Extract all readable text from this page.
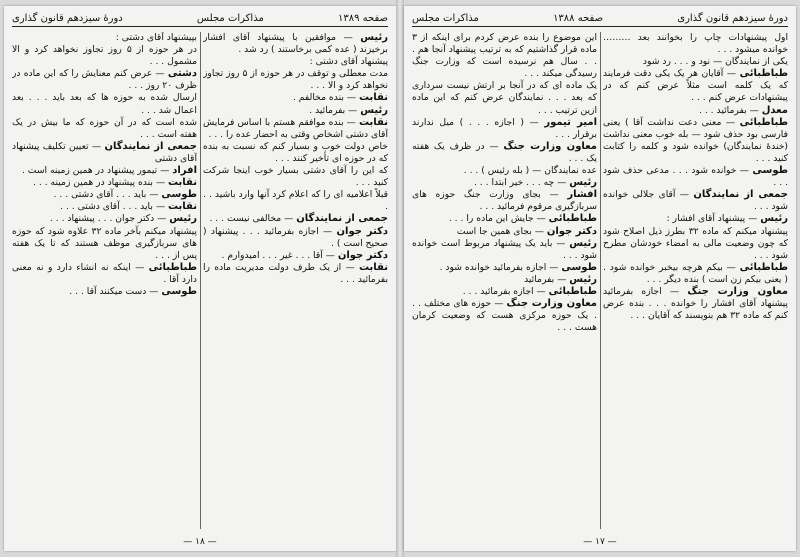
صفحه ۱۳۸۹
مذاکرات مجلس
دورهٔ سیزدهم قانون گذاری

رئیس — موافقین با پیشنهاد آقای افشار برخیزند ( عده کمی برخاستند ) رد شد .

پیشنهاد آقای دشتی :

مدت معطلی و توقف در هر حوزه از ۵ روز تجاوز نخواهد کرد و الا . . .

نقابت — بنده مخالفم .

رئیس — بفرمائید .

نقابت — بنده موافقم هستم با اساس فرمایش آقای دشتی اشخاص وقتی به احضار عده را . . .

خاص دولت خوب و بسیار کنم که نسبت به بنده که در حوزه ای تأخیر کنند . . .

که این را آقای دشتی بسیار خوب اینجا شرکت کنید . . .

قبلاً اعلامیه ای را که اعلام کرد آنها وارد باشید . . .

جمعی از نمایندگان — مخالفی نیست . . .

دکتر جوان — اجازه بفرمائید . . . پیشنهاد ( صحیح است ) .

دکتر جوان — آقا . . . غیر . . . امیدوارم .

نقابت — از یک طرف دولت مدیریت ماده را بفرمائید . . .

بپیشنهاد آقای دشتی :

در هر حوزه از ۵ روز تجاوز نخواهد کرد و الا مشمول . . .

دشتی — عرض کنم معنایش را که این ماده در ظرف ۲۰ روز . . .

ارسال شده به حوزه ها که بعد باید . . . بعد اعمال شد . . .

شده است که در آن حوزه که ما بیش در یک هفته است . . .

جمعی از نمایندگان — تعیین تکلیف پیشنهاد آقای دشتی

افراد — تیمور پیشنهاد در همین زمینه است .

نقابت — بنده پیشنهاد در همین زمینه . . .

طوسی — باید . . . آقای دشتی . . .

نقابت — باید . . . آقای دشتی . . .

رئیس — دکتر جوان . . . پیشنهاد . . .

پیشنهاد میکنم بآخر ماده ۳۲ علاوه شود که حوزه های سربازگیری موظف هستند که تا یک هفته پس از . . .

طباطبائی — اینکه نه انشاء دارد و نه معنی دارد آقا .

طوسی — دست میکنند آقا . . .

— ۱۸ —
دورهٔ سیزدهم قانون گذاری
صفحه ۱۳۸۸
مذاكرات مجلس

اول پیشنهادات چاپ را بخوانند بعد ……… خوانده میشود . . .

یکی از نمایندگان — نود و . . . رد شود

طباطبائی — آقایان هر یک یکی دقت فرمایند که یک کلمه است مثلاً عرض کنم که در پیشنهادات عرض کنم . . .

معدل — بفرمائید . . .

طباطبائی — معنی دعت نداشت آقا ) یعنی فارسی بود حذف شود — بله خوب معنی نداشت (خندهٔ نمایندگان) خوانده شود و کلمه را کتابت کنید . . .

طوسی — خوانده شود . . . مدعی حذف شود . . .

جمعی از نمایندگان — آقای جلالی خوانده شود . . .

رئیس — پیشنهاد آقای افشار :

پیشنهاد میکنم که ماده ۳۲ بطرز ذیل اصلاح شود که چون وضعیت مالی به امضاء خودشان مطرح شود . . .

طباطبائی — بیکم هرچه بیخبر خوانده شود . ( یعنی بیکم زن است ) بنده دیگر . . .

معاون وزارت جنگ — اجازه بفرمائید پیشنهاد آقای افشار را خوانده . . . بنده عرض کنم که ماده ۳۲ هم بنویسند که آقایان . . .

این موضوع را بنده عرض کردم برای اینکه از ۳ ماده قرار گذاشتیم که به ترتیب پیشنهاد آنجا هم . . . سال هم نرسیده است که وزارت جنگ رسیدگی میکند . . .

یک ماده ای که در آنجا بر ارتش نیست سرداری که بعد . . . نمایندگان عرض کنم که این ماده ازین ترتیب . . .

امیر تیمور — ( اجازه . . . ) میل ندارند برقرار . . .

معاون وزارت جنگ — در ظرف یک هفته یک . . .

عده نمایندگان — ( بله رئیس ) . . .

رئیس — چه . . . خیر ابتدا . . .

افشار — بجای وزارت جنگ حوزه های سربازگیری مرقوم فرمائید . . .

طباطبائی — جایش این ماده را . . .

دکتر جوان — بجای همین جا است

رئیس — باید یک پیشنهاد مربوط است خوانده شود . . .

طوسی — اجازه بفرمائید خوانده شود .

رئیس — بفرمائید

طباطبائی — اجازه بفرمائید . . .

معاون وزارت جنگ — حوزه های مختلف . . . یک حوزه مرکزی هست که وضعیت کرمان هست . . .

— ۱۷ —
